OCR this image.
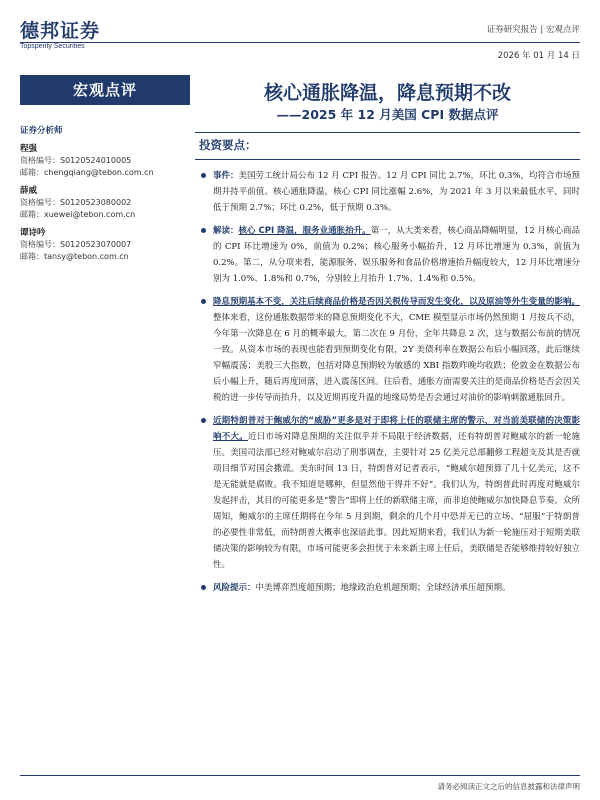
德邦证券
Topsperity Securities
证券研究报告 | 宏观点评
2026 年 01 月 14 日
宏观点评	核心通胀降温，降息预期不改
——2025 年 12 月美国 CPI 数据点评
证券分析师
程强
资格编号：S0120524010005
邮箱：chengqiang@tebon.com.cn
薛威
资格编号：S0120523080002
邮箱：xuewei@tebon.com.cn
谭诗吟
资格编号：S0120523070007
邮箱：tansy@tebon.com.cn
投资要点：
事件：美国劳工统计局公布 12 月 CPI 报告。12 月 CPI 同比 2.7%，环比 0.3%，均符合市场预期并持平前值。核心通胀降温，核心 CPI 同比涨幅 2.6%，为 2021 年 3 月以来最低水平，同时低于预期 2.7%；环比 0.2%，低于预期 0.3%。
解读：核心 CPI 降温，服务业通胀抬升。第一，从大类来看，核心商品降幅明显，12 月核心商品的 CPI 环比增速为 0%，前值为 0.2%；核心服务小幅抬升，12 月环比增速为 0.3%，前值为 0.2%。第二，从分项来看，能源服务、娱乐服务和食品价格增速抬升幅度较大，12 月环比增速分别为 1.0%、1.8%和 0.7%，分别较上月抬升 1.7%、1.4%和 0.5%。
降息预期基本不变，关注后续商品价格是否因关税传导而发生变化，以及原油等外生变量的影响。整体来看，这份通胀数据带来的降息预期变化不大，CME 模型显示市场仍然预期 1 月按兵不动，今年第一次降息在 6 月的概率最大，第二次在 9 月份，全年共降息 2 次，这与数据公布前的情况一致。从资本市场的表现也能看到预期变化有限，2Y 美债利率在数据公布后小幅回落，此后继续窄幅震荡；美股三大指数，包括对降息预期较为敏感的 XBI 指数昨晚均收跌；伦敦金在数据公布后小幅上升，随后再度回落，进入震荡区间。往后看，通胀方面需要关注的是商品价格是否会因关税的进一步传导而抬升，以及近期再度升温的地缘局势是否会通过对油价的影响刺激通胀回升。
近期特朗普对于鲍威尔的“威胁”更多是对于即将上任的联储主席的警示，对当前美联储的决策影响不大。近日市场对降息预期的关注似乎并不局限于经济数据，还有特朗普对鲍威尔的新一轮施压。美国司法部已经对鲍威尔启动了刑事调查，主要针对 25 亿美元总部翻修工程超支及其是否就项目细节对国会撒谎。美东时间 13 日，特朗普对记者表示，“鲍威尔超预算了几十亿美元，这不是无能就是腐败。我不知道是哪种，但显然他干得并不好”。我们认为，特朗普此时再度对鲍威尔发起抨击，其目的可能更多是“警告”即将上任的新联储主席，而非迫使鲍威尔加快降息节奏。众所周知，鲍威尔的主席任期将在今年 5 月到期，剩余的几个月中恐并无已的立场、“屈服”于特朗普的必要性非常低，而特朗普大概率也深谙此事。因此短期来看，我们认为新一轮施压对于短期美联储决策的影响较为有限，市场可能更多会担忧于未来新主席上任后，美联储是否能够维持较好独立性。
风险提示：中美博弈烈度超预期；地缘政治危机超预期；全球经济承压超预期。
请务必阅读正文之后的信息披露和法律声明
